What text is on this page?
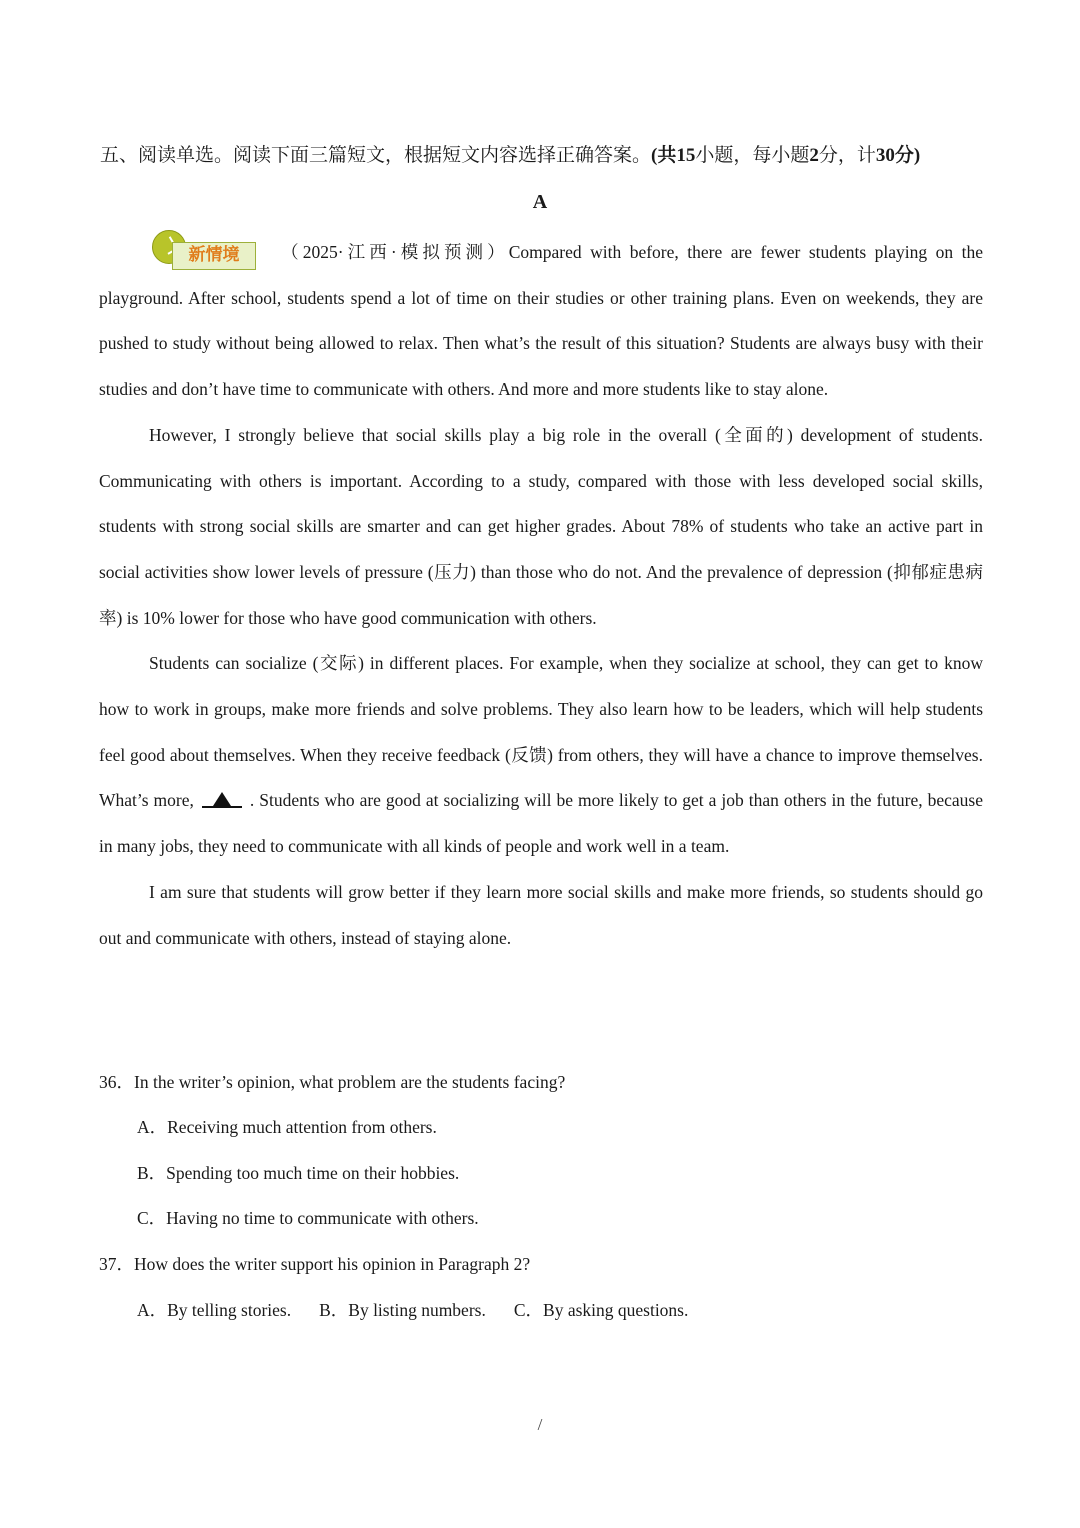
五、阅读单选。阅读下面三篇短文，根据短文内容选择正确答案。(共15小题，每小题2分，计30分)
A
新情境	（2025·江西·模拟预测）Compared with before, there are fewer students playing on the playground. After school, students spend a lot of time on their studies or other training plans. Even on weekends, they are pushed to study without being allowed to relax. Then what’s the result of this situation? Students are always busy with their studies and don’t have time to communicate with others. And more and more students like to stay alone.

However, I strongly believe that social skills play a big role in the overall (全面的) development of students. Communicating with others is important. According to a study, compared with those with less developed social skills, students with strong social skills are smarter and can get higher grades. About 78% of students who take an active part in social activities show lower levels of pressure (压力) than those who do not. And the prevalence of depression (抑郁症患病率) is 10% lower for those who have good communication with others.

Students can socialize (交际) in different places. For example, when they socialize at school, they can get to know how to work in groups, make more friends and solve problems. They also learn how to be leaders, which will help students feel good about themselves. When they receive feedback (反馈) from others, they will have a chance to improve themselves. What’s more,	. Students who are good at socializing will be more likely to get a job than others in the future, because in many jobs, they need to communicate with all kinds of people and work well in a team.

I am sure that students will grow better if they learn more social skills and make more friends, so students should go out and communicate with others, instead of staying alone.

36．In the writer’s opinion, what problem are the students facing?
A．Receiving much attention from others.
B．Spending too much time on their hobbies.
C．Having no time to communicate with others.
37．How does the writer support his opinion in Paragraph 2?
A．By telling stories. B．By listing numbers. C．By asking questions.
/
